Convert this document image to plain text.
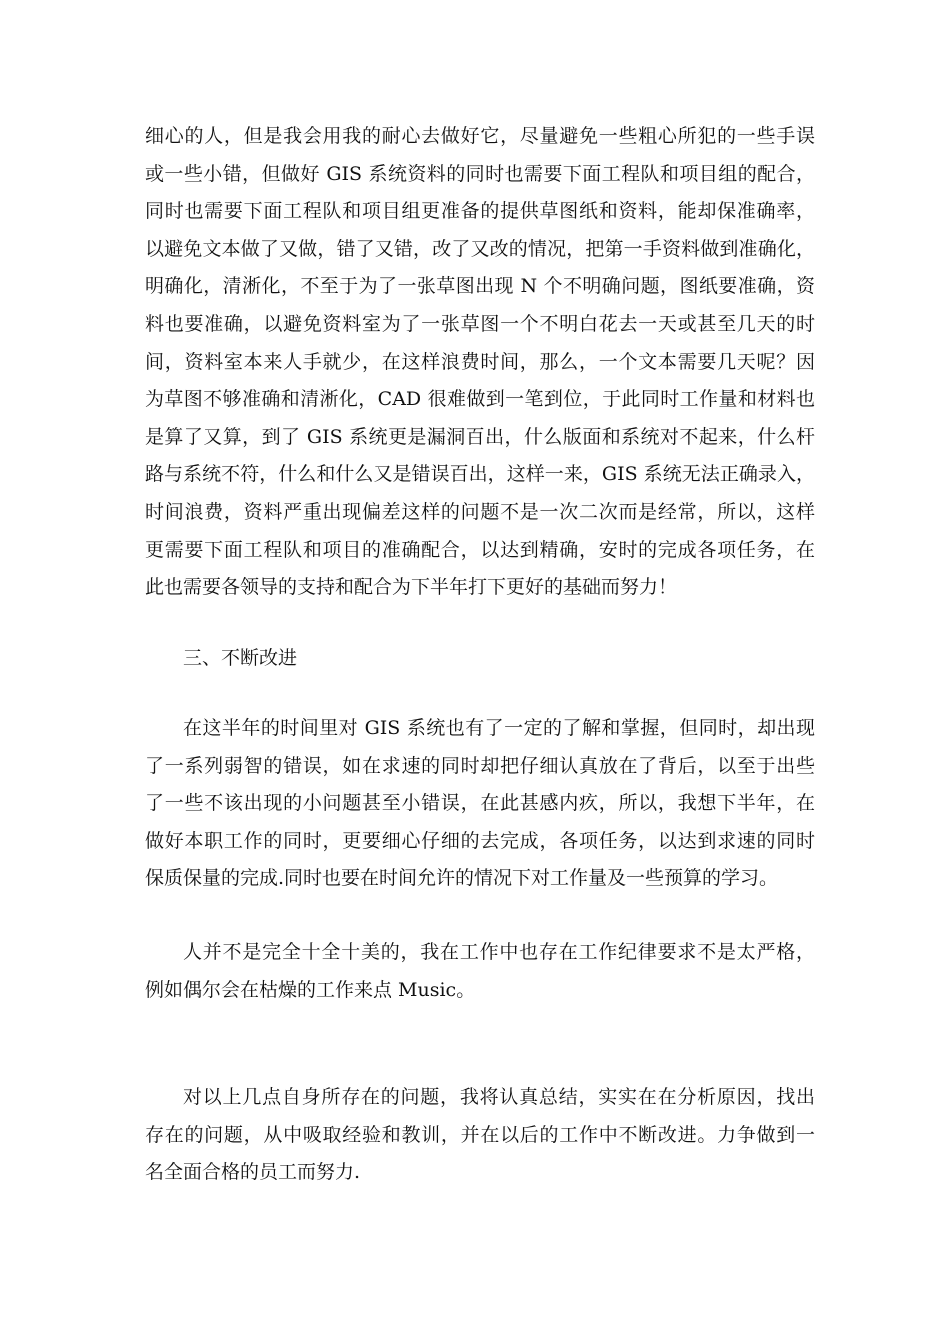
细心的人，但是我会用我的耐心去做好它，尽量避免一些粗心所犯的一些手误
或一些小错，但做好 GIS 系统资料的同时也需要下面工程队和项目组的配合，
同时也需要下面工程队和项目组更准备的提供草图纸和资料，能却保准确率，
以避免文本做了又做，错了又错，改了又改的情况，把第一手资料做到准确化，
明确化，清淅化，不至于为了一张草图出现 N 个不明确问题，图纸要准确，资
料也要准确，以避免资料室为了一张草图一个不明白花去一天或甚至几天的时
间，资料室本来人手就少，在这样浪费时间，那么，一个文本需要几天呢？因
为草图不够准确和清淅化，CAD 很难做到一笔到位，于此同时工作量和材料也
是算了又算，到了 GIS 系统更是漏洞百出，什么版面和系统对不起来，什么杆
路与系统不符，什么和什么又是错误百出，这样一来，GIS 系统无法正确录入，
时间浪费，资料严重出现偏差这样的问题不是一次二次而是经常，所以，这样
更需要下面工程队和项目的准确配合，以达到精确，安时的完成各项任务，在
此也需要各领导的支持和配合为下半年打下更好的基础而努力！
三、不断改进
在这半年的时间里对 GIS 系统也有了一定的了解和掌握，但同时，却出现
了一系列弱智的错误，如在求速的同时却把仔细认真放在了背后，以至于出些
了一些不该出现的小问题甚至小错误，在此甚感内疚，所以，我想下半年，在
做好本职工作的同时，更要细心仔细的去完成，各项任务，以达到求速的同时
保质保量的完成.同时也要在时间允许的情况下对工作量及一些预算的学习。
人并不是完全十全十美的，我在工作中也存在工作纪律要求不是太严格，
例如偶尔会在枯燥的工作来点 Music。
对以上几点自身所存在的问题，我将认真总结，实实在在分析原因，找出
存在的问题，从中吸取经验和教训，并在以后的工作中不断改进。力争做到一
名全面合格的员工而努力.
